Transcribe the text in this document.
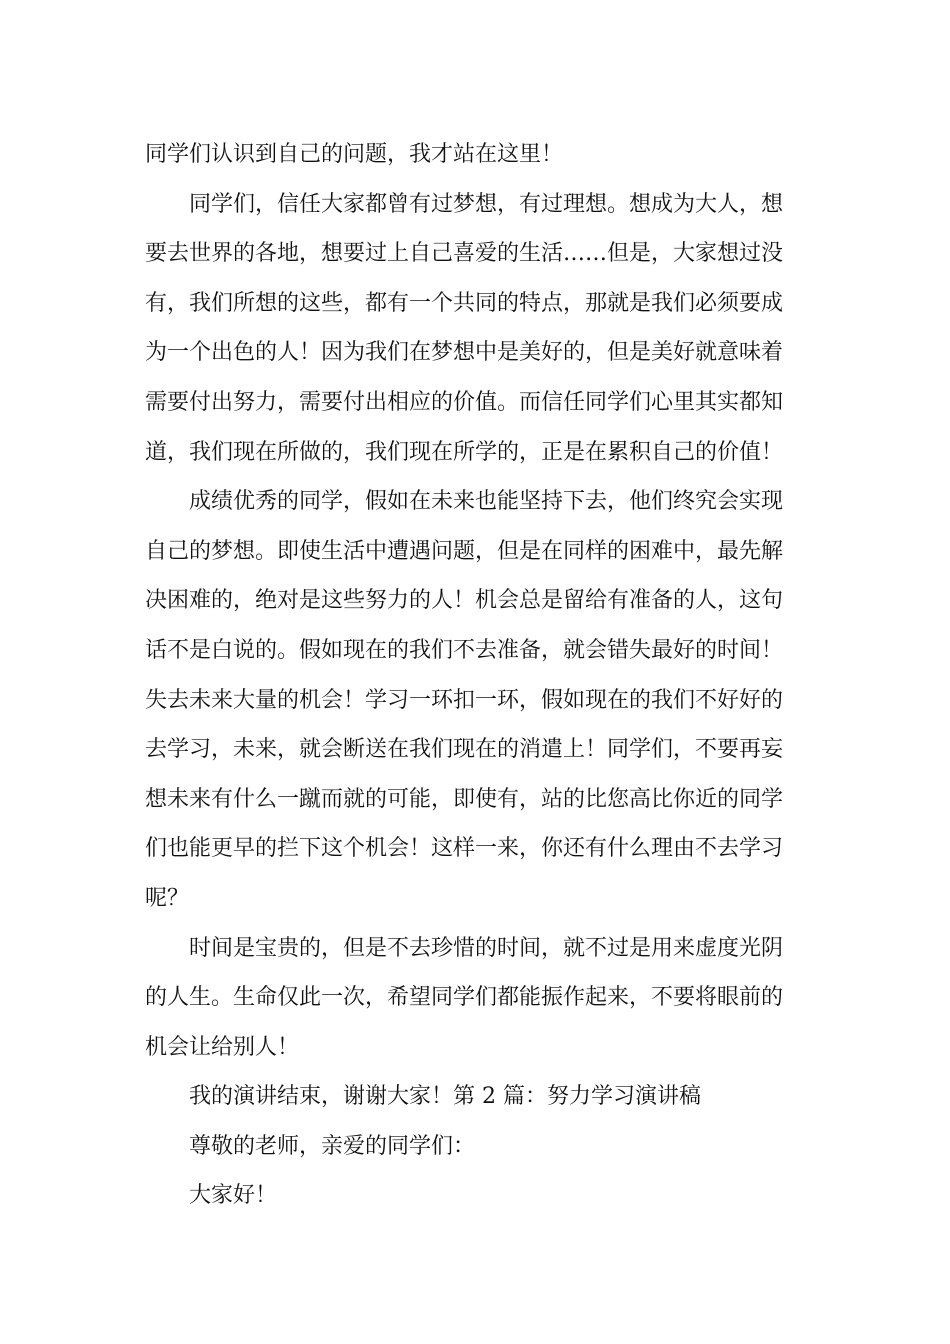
同学们认识到自己的问题，我才站在这里！
同学们，信任大家都曾有过梦想，有过理想。想成为大人，想
要去世界的各地，想要过上自己喜爱的生活……但是，大家想过没
有，我们所想的这些，都有一个共同的特点，那就是我们必须要成
为一个出色的人！因为我们在梦想中是美好的，但是美好就意味着
需要付出努力，需要付出相应的价值。而信任同学们心里其实都知
道，我们现在所做的，我们现在所学的，正是在累积自己的价值！
成绩优秀的同学，假如在未来也能坚持下去，他们终究会实现
自己的梦想。即使生活中遭遇问题，但是在同样的困难中，最先解
决困难的，绝对是这些努力的人！机会总是留给有准备的人，这句
话不是白说的。假如现在的我们不去准备，就会错失最好的时间！
失去未来大量的机会！学习一环扣一环，假如现在的我们不好好的
去学习，未来，就会断送在我们现在的消遣上！同学们，不要再妄
想未来有什么一蹴而就的可能，即使有，站的比您高比你近的同学
们也能更早的拦下这个机会！这样一来，你还有什么理由不去学习
呢？
时间是宝贵的，但是不去珍惜的时间，就不过是用来虚度光阴
的人生。生命仅此一次，希望同学们都能振作起来，不要将眼前的
机会让给别人！
我的演讲结束，谢谢大家！第 2 篇：努力学习演讲稿
尊敬的老师，亲爱的同学们：
大家好！
